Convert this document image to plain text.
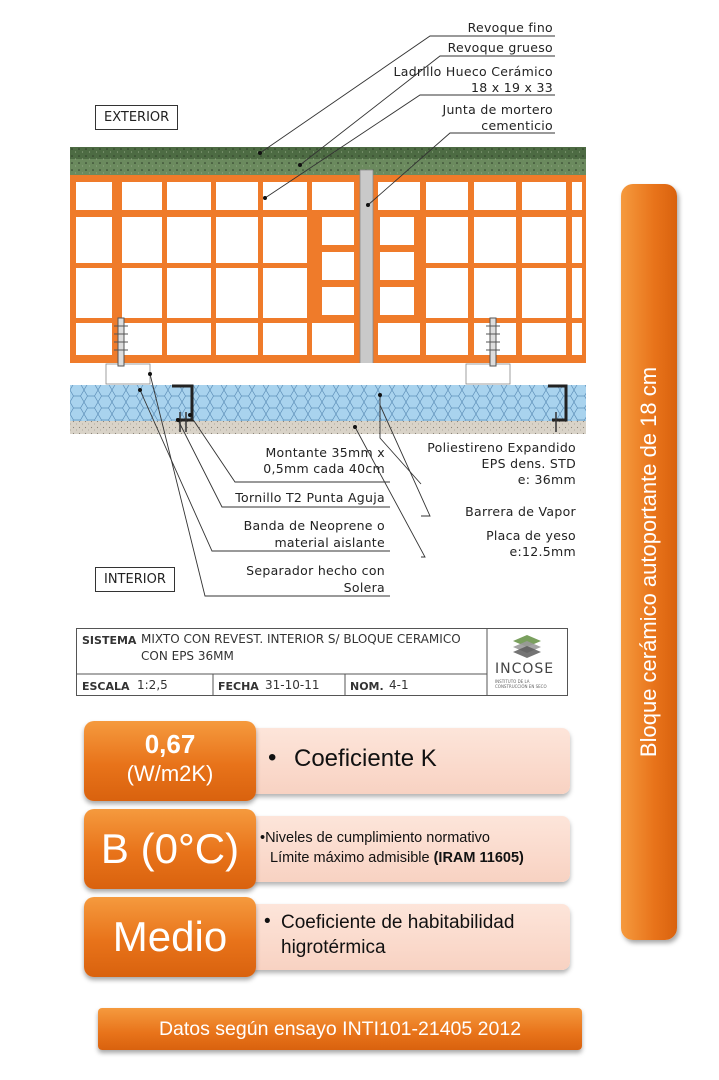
Revoque fino
Revoque grueso
Ladrillo Hueco Cerámico
18 x 19 x 33
Junta de mortero
cementicio
EXTERIOR
INTERIOR
Montante 35mm x
0,5mm cada 40cm
Tornillo T2 Punta Aguja
Banda de Neoprene o
material aislante
Separador hecho con
Solera
Poliestireno Expandido
EPS dens. STD
e: 36mm
Barrera de Vapor
Placa de yeso
e:12.5mm
SISTEMA MIXTO CON REVEST. INTERIOR S/ BLOQUE CERAMICO
CON EPS 36MM
ESCALA 1:2,5	FECHA 31-10-11	NOM. 4-1
INCOSE
INSTITUTO DE LA CONSTRUCCIÓN EN SECO
• Coeficiente K
0,67
(W/m2K)
•Niveles de cumplimiento normativo
Límite máximo admisible (IRAM 11605)
B (0°C)
• Coeficiente de habitabilidad
higrotérmica
Medio
Bloque cerámico autoportante de 18 cm
Datos según ensayo INTI101-21405 2012
